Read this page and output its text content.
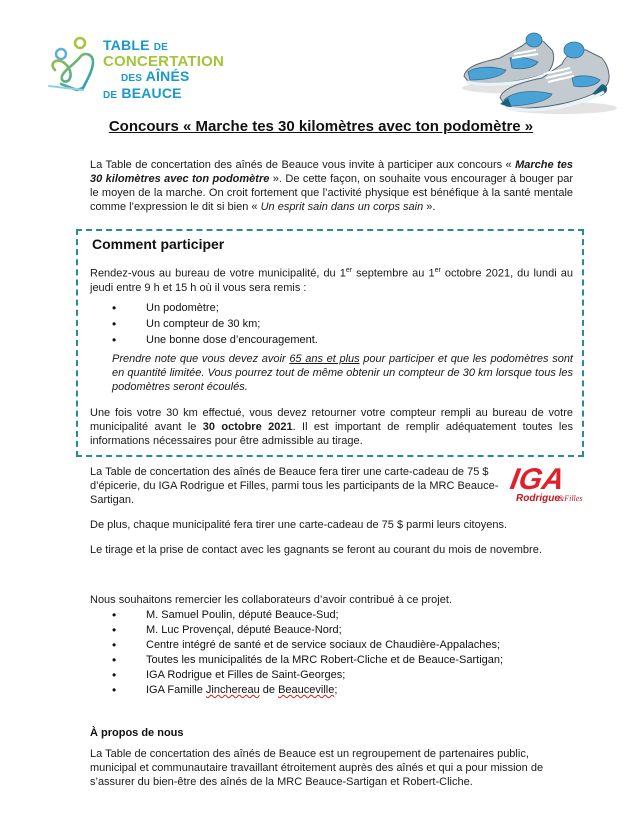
TABLE DE
CONCERTATION
DES AÎNÉS
DE BEAUCE
Concours « Marche tes 30 kilomètres avec ton podomètre »
La Table de concertation des aînés de Beauce vous invite à participer aux concours « Marche tes 30 kilomètres avec ton podomètre ». De cette façon, on souhaite vous encourager à bouger par le moyen de la marche. On croit fortement que l’activité physique est bénéfique à la santé mentale comme l’expression le dit si bien « Un esprit sain dans un corps sain ».
Comment participer
Rendez-vous au bureau de votre municipalité, du 1er septembre au 1er octobre 2021, du lundi au jeudi entre 9 h et 15 h où il vous sera remis :
• Un podomètre;
• Un compteur de 30 km;
• Une bonne dose d’encouragement.
Prendre note que vous devez avoir 65 ans et plus pour participer et que les podomètres sont en quantité limitée. Vous pourrez tout de même obtenir un compteur de 30 km lorsque tous les podomètres seront écoulés.
Une fois votre 30 km effectué, vous devez retourner votre compteur rempli au bureau de votre municipalité avant le 30 octobre 2021. Il est important de remplir adéquatement toutes les informations nécessaires pour être admissible au tirage.
La Table de concertation des aînés de Beauce fera tirer une carte-cadeau de 75 $ d’épicerie, du IGA Rodrigue et Filles, parmi tous les participants de la MRC Beauce-Sartigan.
IGA
Rodrigue
&Filles
De plus, chaque municipalité fera tirer une carte-cadeau de 75 $ parmi leurs citoyens.
Le tirage et la prise de contact avec les gagnants se feront au courant du mois de novembre.
Nous souhaitons remercier les collaborateurs d’avoir contribué à ce projet.
• M. Samuel Poulin, député Beauce-Sud;
• M. Luc Provençal, député Beauce-Nord;
• Centre intégré de santé et de service sociaux de Chaudière-Appalaches;
• Toutes les municipalités de la MRC Robert-Cliche et de Beauce-Sartigan;
• IGA Rodrigue et Filles de Saint-Georges;
• IGA Famille Jinchereau de Beauceville;
À propos de nous
La Table de concertation des aînés de Beauce est un regroupement de partenaires public, municipal et communautaire travaillant étroitement auprès des aînés et qui a pour mission de s’assurer du bien-être des aînés de la MRC Beauce-Sartigan et Robert-Cliche.
